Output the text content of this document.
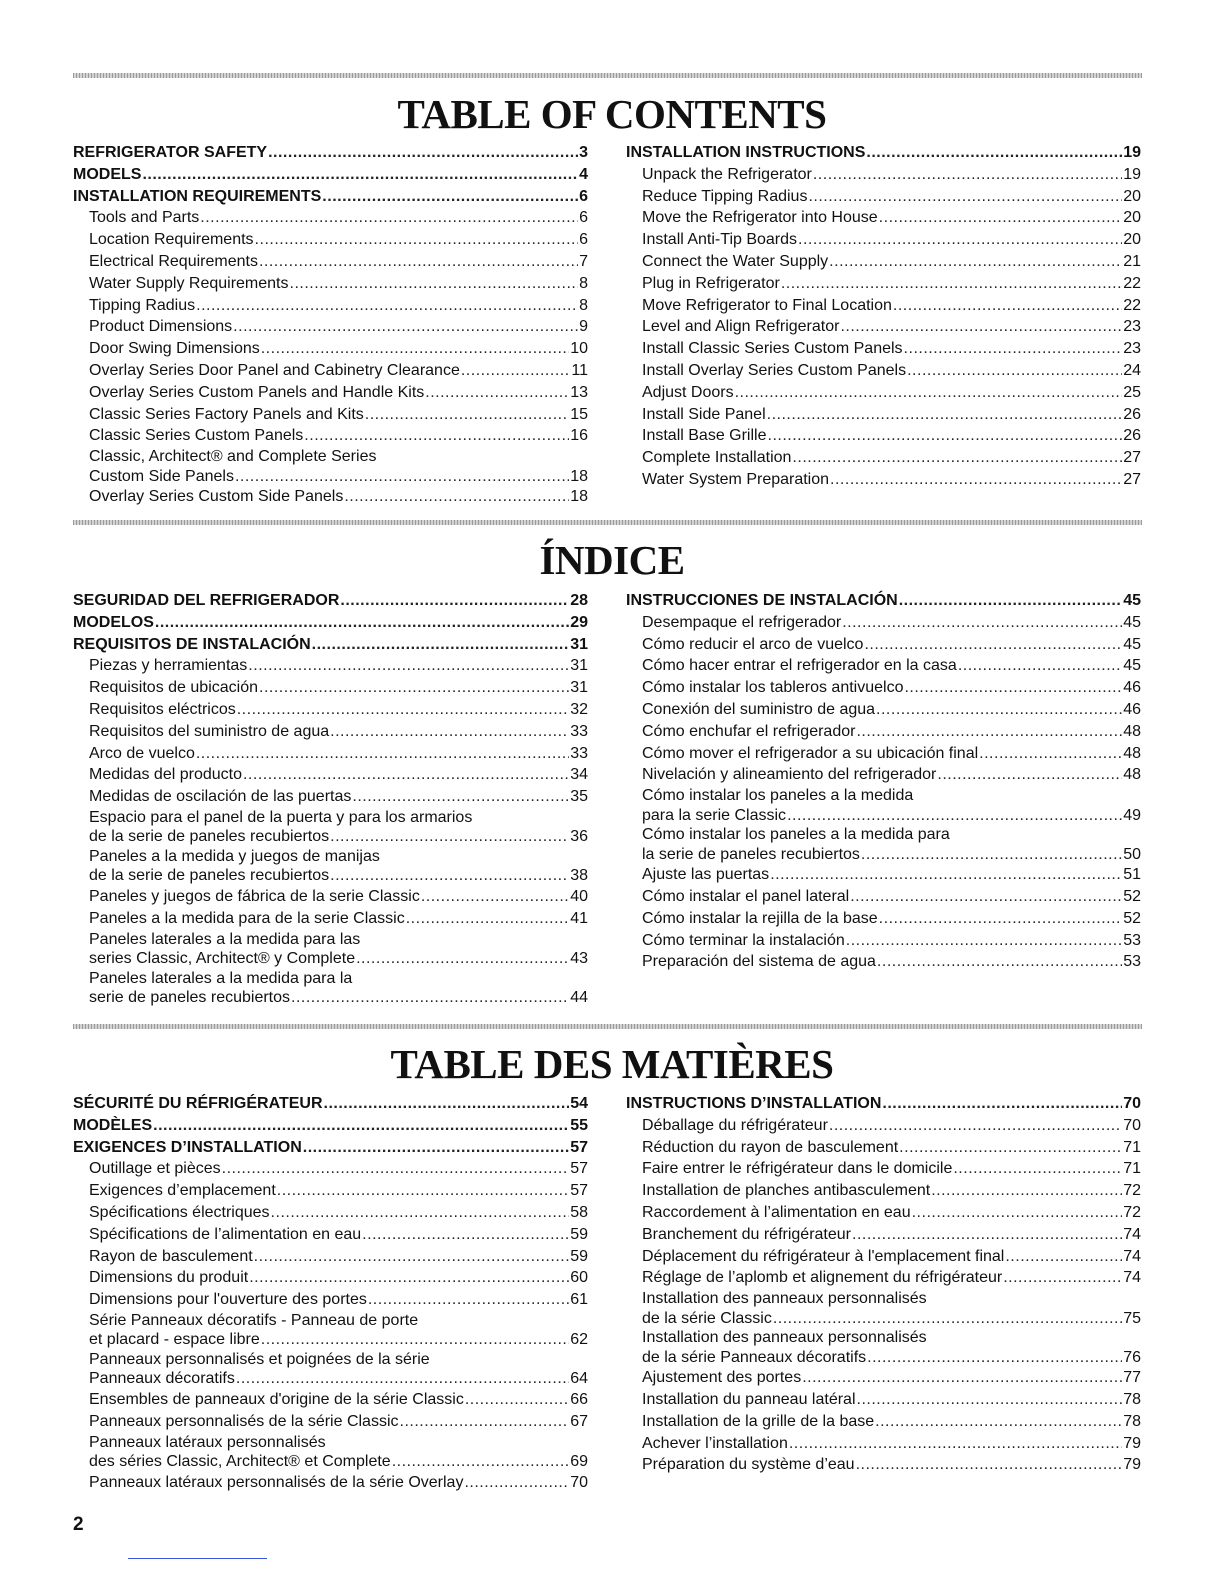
TABLE OF CONTENTS
REFRIGERATOR SAFETY .....	3
MODELS .....	4
INSTALLATION REQUIREMENTS .....	6
Tools and Parts .....	6
Location Requirements .....	6
Electrical Requirements .....	7
Water Supply Requirements .....	8
Tipping Radius .....	8
Product Dimensions .....	9
Door Swing Dimensions .....	10
Overlay Series Door Panel and Cabinetry Clearance .....	11
Overlay Series Custom Panels and Handle Kits .....	13
Classic Series Factory Panels and Kits .....	15
Classic Series Custom Panels .....	16
Classic, Architect® and Complete Series
Custom Side Panels .....	18
Overlay Series Custom Side Panels .....	18
INSTALLATION INSTRUCTIONS .....	19
Unpack the Refrigerator .....	19
Reduce Tipping Radius .....	20
Move the Refrigerator into House .....	20
Install Anti-Tip Boards .....	20
Connect the Water Supply .....	21
Plug in Refrigerator .....	22
Move Refrigerator to Final Location .....	22
Level and Align Refrigerator .....	23
Install Classic Series Custom Panels .....	23
Install Overlay Series Custom Panels .....	24
Adjust Doors .....	25
Install Side Panel .....	26
Install Base Grille .....	26
Complete Installation .....	27
Water System Preparation .....	27
ÍNDICE
SEGURIDAD DEL REFRIGERADOR .....	28
MODELOS .....	29
REQUISITOS DE INSTALACIÓN .....	31
Piezas y herramientas .....	31
Requisitos de ubicación .....	31
Requisitos eléctricos .....	32
Requisitos del suministro de agua .....	33
Arco de vuelco .....	33
Medidas del producto .....	34
Medidas de oscilación de las puertas .....	35
Espacio para el panel de la puerta y para los armarios
de la serie de paneles recubiertos .....	36
Paneles a la medida y juegos de manijas
de la serie de paneles recubiertos .....	38
Paneles y juegos de fábrica de la serie Classic .....	40
Paneles a la medida para de la serie Classic .....	41
Paneles laterales a la medida para las
series Classic, Architect® y Complete .....	43
Paneles laterales a la medida para la
serie de paneles recubiertos .....	44
INSTRUCCIONES DE INSTALACIÓN .....	45
Desempaque el refrigerador .....	45
Cómo reducir el arco de vuelco .....	45
Cómo hacer entrar el refrigerador en la casa .....	45
Cómo instalar los tableros antivuelco .....	46
Conexión del suministro de agua .....	46
Cómo enchufar el refrigerador .....	48
Cómo mover el refrigerador a su ubicación final .....	48
Nivelación y alineamiento del refrigerador .....	48
Cómo instalar los paneles a la medida
para la serie Classic .....	49
Cómo instalar los paneles a la medida para
la serie de paneles recubiertos .....	50
Ajuste las puertas .....	51
Cómo instalar el panel lateral .....	52
Cómo instalar la rejilla de la base .....	52
Cómo terminar la instalación .....	53
Preparación del sistema de agua .....	53
TABLE DES MATIÈRES
SÉCURITÉ DU RÉFRIGÉRATEUR .....	54
MODÈLES .....	55
EXIGENCES D’INSTALLATION .....	57
Outillage et pièces .....	57
Exigences d’emplacement .....	57
Spécifications électriques .....	58
Spécifications de l’alimentation en eau .....	59
Rayon de basculement .....	59
Dimensions du produit .....	60
Dimensions pour l'ouverture des portes .....	61
Série Panneaux décoratifs - Panneau de porte
et placard - espace libre .....	62
Panneaux personnalisés et poignées de la série
Panneaux décoratifs .....	64
Ensembles de panneaux d'origine de la série Classic .....	66
Panneaux personnalisés de la série Classic .....	67
Panneaux latéraux personnalisés
des séries Classic, Architect® et Complete .....	69
Panneaux latéraux personnalisés de la série Overlay .....	70
INSTRUCTIONS D’INSTALLATION .....	70
Déballage du réfrigérateur .....	70
Réduction du rayon de basculement .....	71
Faire entrer le réfrigérateur dans le domicile .....	71
Installation de planches antibasculement .....	72
Raccordement à l’alimentation en eau .....	72
Branchement du réfrigérateur .....	74
Déplacement du réfrigérateur à l'emplacement final .....	74
Réglage de l’aplomb et alignement du réfrigérateur .....	74
Installation des panneaux personnalisés
de la série Classic .....	75
Installation des panneaux personnalisés
de la série Panneaux décoratifs .....	76
Ajustement des portes .....	77
Installation du panneau latéral .....	78
Installation de la grille de la base .....	78
Achever l’installation .....	79
Préparation du système d’eau .....	79

2
